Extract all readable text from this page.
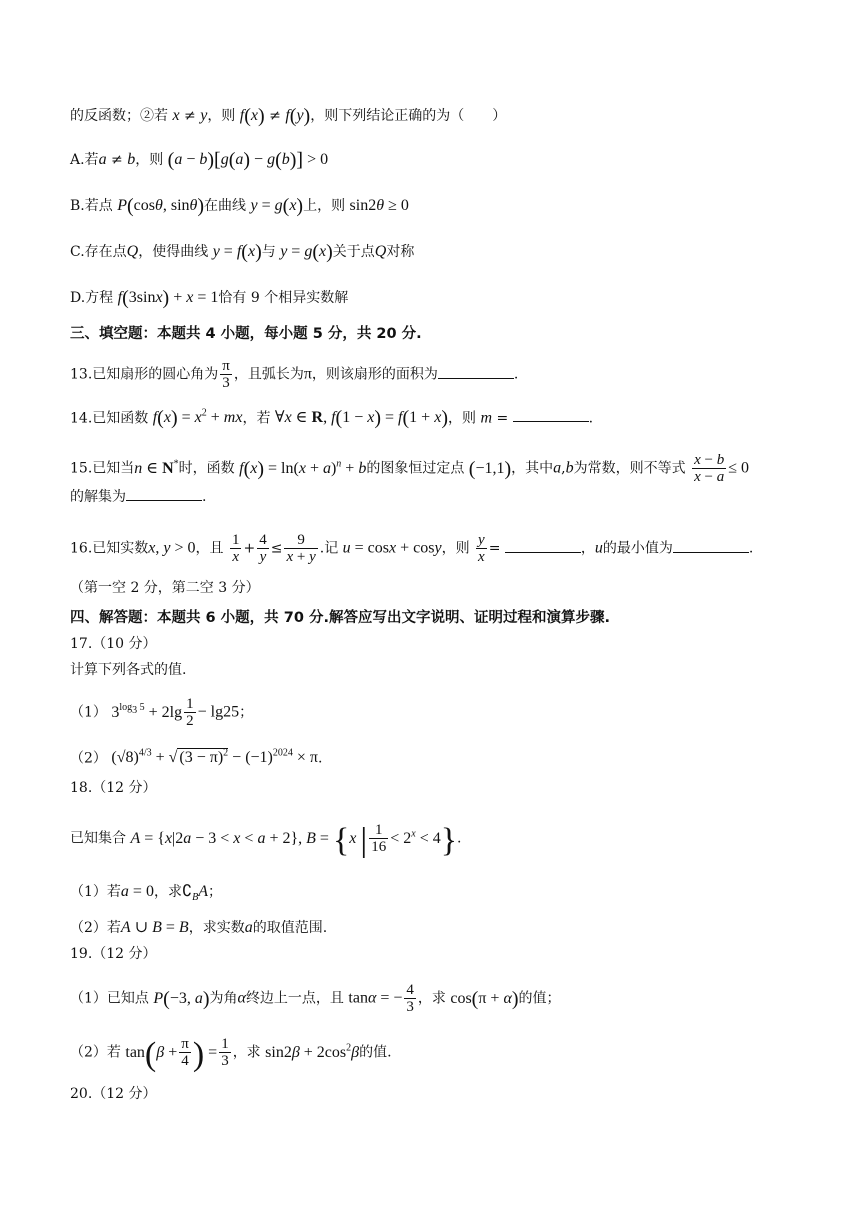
的反函数；②若 x ≠ y，则 f(x) ≠ f(y)，则下列结论正确的为（　　）
A.若a ≠ b，则 (a − b)[g(a) − g(b)] > 0
B.若点 P(cosθ, sinθ)在曲线 y = g(x)上，则 sin2θ ≥ 0
C.存在点Q，使得曲线 y = f(x)与 y = g(x)关于点Q对称
D.方程 f(3sinx) + x = 1恰有 9 个相异实数解
三、填空题：本题共 4 小题，每小题 5 分，共 20 分.
13.已知扇形的圆心角为 $\frac{\pi}{3}$ ，且弧长为π，则该扇形的面积为	.
14.已知函数 $f(x) = x^2$ + mx，若 ∀x ∈ R, f(1 − x) = f(1 + x)，则 m =	.
15.已知当n ∈ N*时，函数 $f(x) = \ln(x + a)^n + b$的图象恒过定点 (−1,1)，其中a,b为常数，则不等式 $\frac{x - b}{x - a} \le 0$
的解集为	.
16.已知实数x, y > 0，且 $\frac{1}{x} + \frac{4}{y} \le \frac{9}{x + y}$ .记 u = cosx + cosy，则 $\frac{y}{x}$ =	，u的最小值为	.
（第一空 2 分，第二空 3 分）
四、解答题：本题共 6 小题，共 70 分.解答应写出文字说明、证明过程和演算步骤.
17.（10 分）
计算下列各式的值.
（1） $3^{log_3 5} + 2\lg \frac{1}{2} - \lg 25$；
（2） $(√8)^{4/3}$ + √ $(3 - \pi)^2 - (-1)^{2024} \times \pi$.
18.（12 分）
已知集合 A = {x|2a − 3 < x < a + 2}, B = {x | $\frac{1}{16} < 2^x < 4$}.
（1）若a = 0，求$∁_BA$；
（2）若A ∪ B = B，求实数a的取值范围.
19.（12 分）
（1）已知点 P(−3, a)为角α终边上一点，且 tanα = − $\frac{4}{3}$ ，求 cos(π + α)的值；
（2）若 $\tan(\beta + \frac{\pi}{4}$ ) = $\frac{1}{3}$ ，求 $\sin 2\beta + 2\cos^2\beta$的值.
20.（12 分）
